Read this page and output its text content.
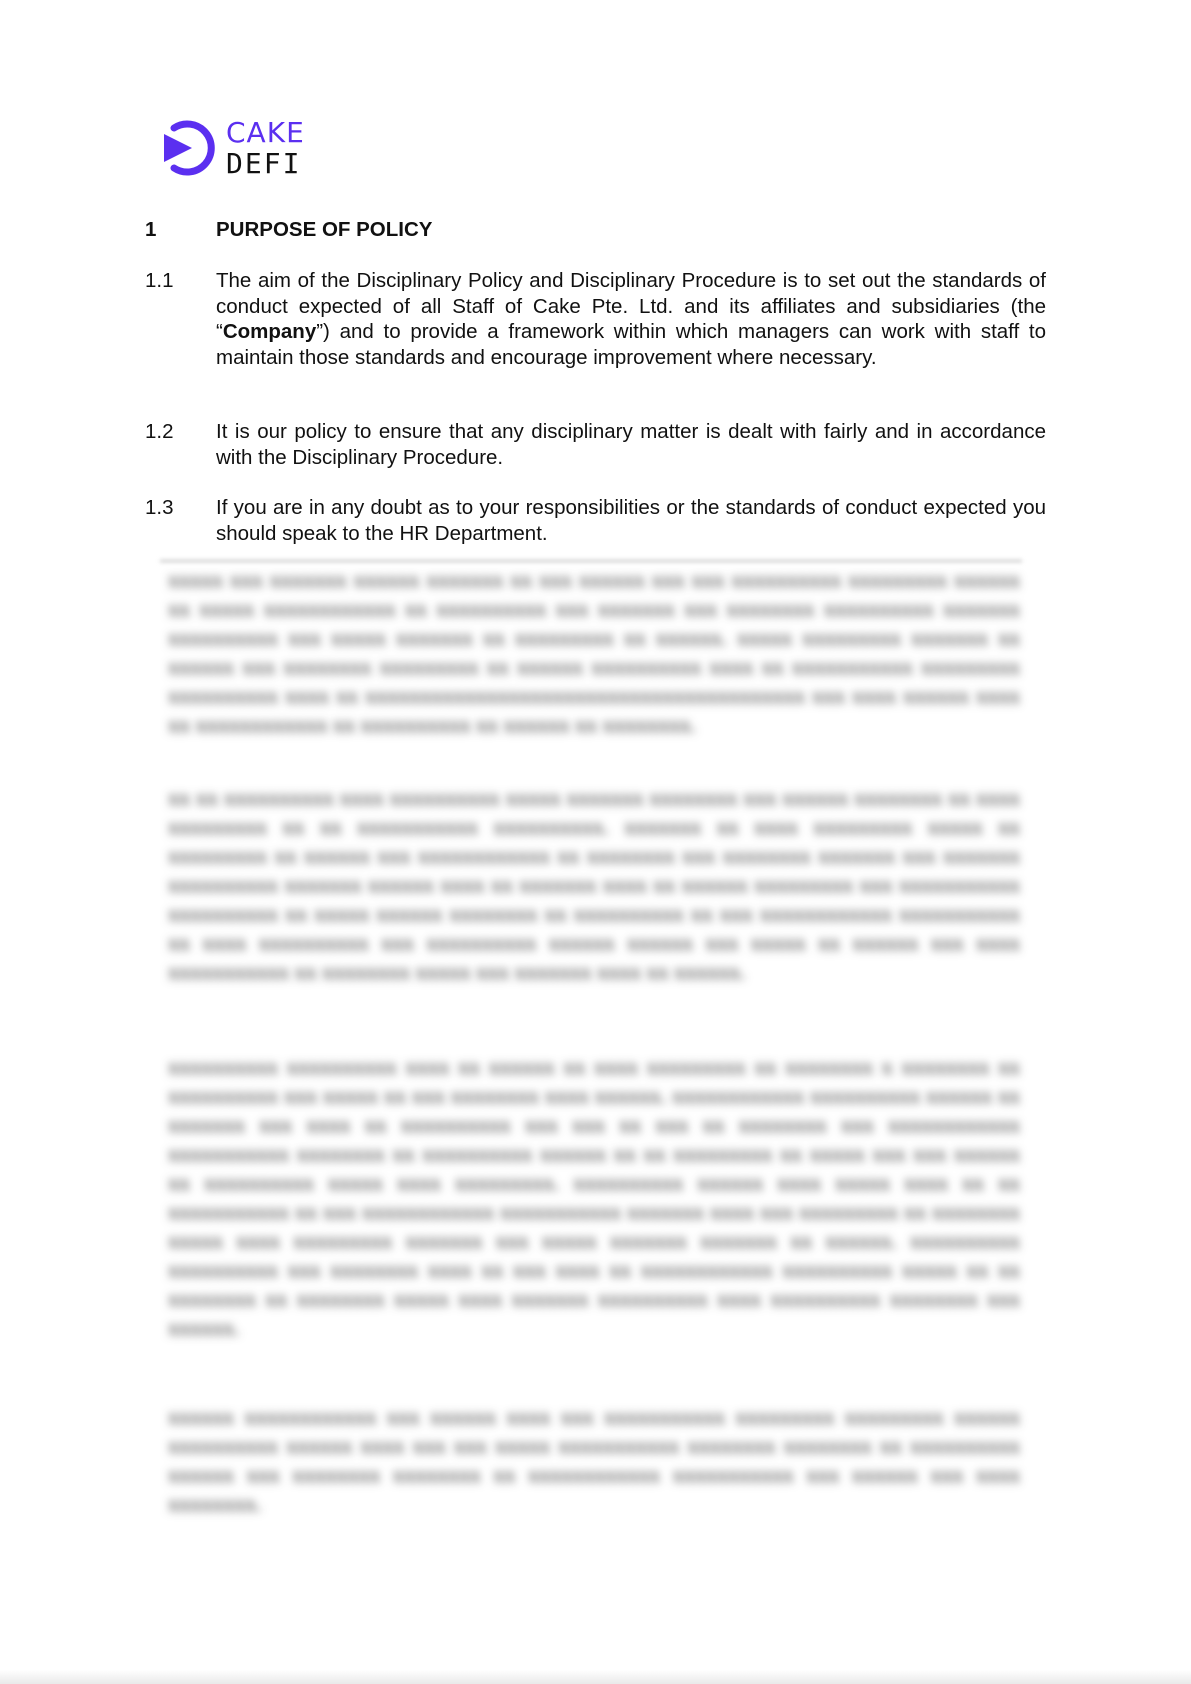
CAKE
DEFI
1	PURPOSE OF POLICY
1.1	The aim of the Disciplinary Policy and Disciplinary Procedure is to set out the standards of conduct expected of all Staff of Cake Pte. Ltd. and its affiliates and subsidiaries (the “Company”) and to provide a framework within which managers can work with staff to maintain those standards and encourage improvement where necessary.
1.2	It is our policy to ensure that any disciplinary matter is dealt with fairly and in accordance with the Disciplinary Procedure.
1.3	If you are in any doubt as to your responsibilities or the standards of conduct expected you should speak to the HR Department.

xxxxx xxx xxxxxxx xxxxxx xxxxxxx xx xxx xxxxxx xxx xxx xxxxxxxxxx xxxxxxxxx xxxxxx xx xxxxx xxxxxxxxxxxx xx xxxxxxxxxx xxx xxxxxxx xxx xxxxxxxx xxxxxxxxxx xxxxxxx xxxxxxxxxx xxx xxxxx xxxxxxx xx xxxxxxxxx xx xxxxxx. xxxxx xxxxxxxxx xxxxxxx xx xxxxxx xxx xxxxxxxx xxxxxxxxx xx xxxxxx xxxxxxxxxx xxxx xx xxxxxxxxxxx xxxxxxxxx xxxxxxxxxx xxxx xx xxxxxxxxxxxxxxxxxxxxxxxxxxxxxxxxxxxxxxxx xxx xxxx xxxxxx xxxx xx xxxxxxxxxxxx xx xxxxxxxxxx xx xxxxxx xx xxxxxxxx.

xx xx xxxxxxxxxx xxxx xxxxxxxxxx xxxxx xxxxxxx xxxxxxxx xxx xxxxxx xxxxxxxx xx xxxx xxxxxxxxx xx xx xxxxxxxxxxx xxxxxxxxxx. xxxxxxx xx xxxx xxxxxxxxx xxxxx xx xxxxxxxxx xx xxxxxx xxx xxxxxxxxxxxx xx xxxxxxxx xxx xxxxxxxx xxxxxxx xxx xxxxxxx xxxxxxxxxx xxxxxxx xxxxxx xxxx xx xxxxxxx xxxx xx xxxxxx xxxxxxxxx xxx xxxxxxxxxxx xxxxxxxxxx xx xxxxx xxxxxx xxxxxxxx xx xxxxxxxxxx xx xxx xxxxxxxxxxxx xxxxxxxxxxx xx xxxx xxxxxxxxxx xxx xxxxxxxxxx xxxxxx xxxxxx xxx xxxxx xx xxxxxx xxx xxxx xxxxxxxxxxx xx xxxxxxxx xxxxx xxx xxxxxxx xxxx xx xxxxxx.

xxxxxxxxxx xxxxxxxxxx xxxx xx xxxxxx xx xxxx xxxxxxxxx xx xxxxxxxx x xxxxxxxx xx xxxxxxxxxx xxx xxxxx xx xxx xxxxxxxx xxxx xxxxxx. xxxxxxxxxxxx xxxxxxxxxx xxxxxx xx xxxxxxx xxx xxxx xx xxxxxxxxxx xxx xxx xx xxx xx xxxxxxxx xxx xxxxxxxxxxxx xxxxxxxxxxx xxxxxxxx xx xxxxxxxxxx xxxxxx xx xx xxxxxxxxx xx xxxxx xxx xxx xxxxxx xx xxxxxxxxxx xxxxx xxxx xxxxxxxxx. xxxxxxxxxx xxxxxx xxxx xxxxx xxxx xx xx xxxxxxxxxxx xx xxx xxxxxxxxxxxx xxxxxxxxxxx xxxxxxx xxxx xxx xxxxxxxxx xx xxxxxxxx xxxxx xxxx xxxxxxxxx xxxxxxx xxx xxxxx xxxxxxx xxxxxxx xx xxxxxx. xxxxxxxxxx xxxxxxxxxx xxx xxxxxxxx xxxx xx xxx xxxx xx xxxxxxxxxxxx xxxxxxxxxx xxxxx xx xx xxxxxxxx xx xxxxxxxx xxxxx xxxx xxxxxxx xxxxxxxxxx xxxx xxxxxxxxxx xxxxxxxx xxx xxxxxx.

xxxxxx xxxxxxxxxxxx xxx xxxxxx xxxx xxx xxxxxxxxxxx xxxxxxxxx xxxxxxxxx xxxxxx xxxxxxxxxx xxxxxx xxxx xxx xxx xxxxx xxxxxxxxxxx xxxxxxxx xxxxxxxx xx xxxxxxxxxx xxxxxx xxx xxxxxxxx xxxxxxxx xx xxxxxxxxxxxx xxxxxxxxxxx xxx xxxxxx xxx xxxx xxxxxxxx.
